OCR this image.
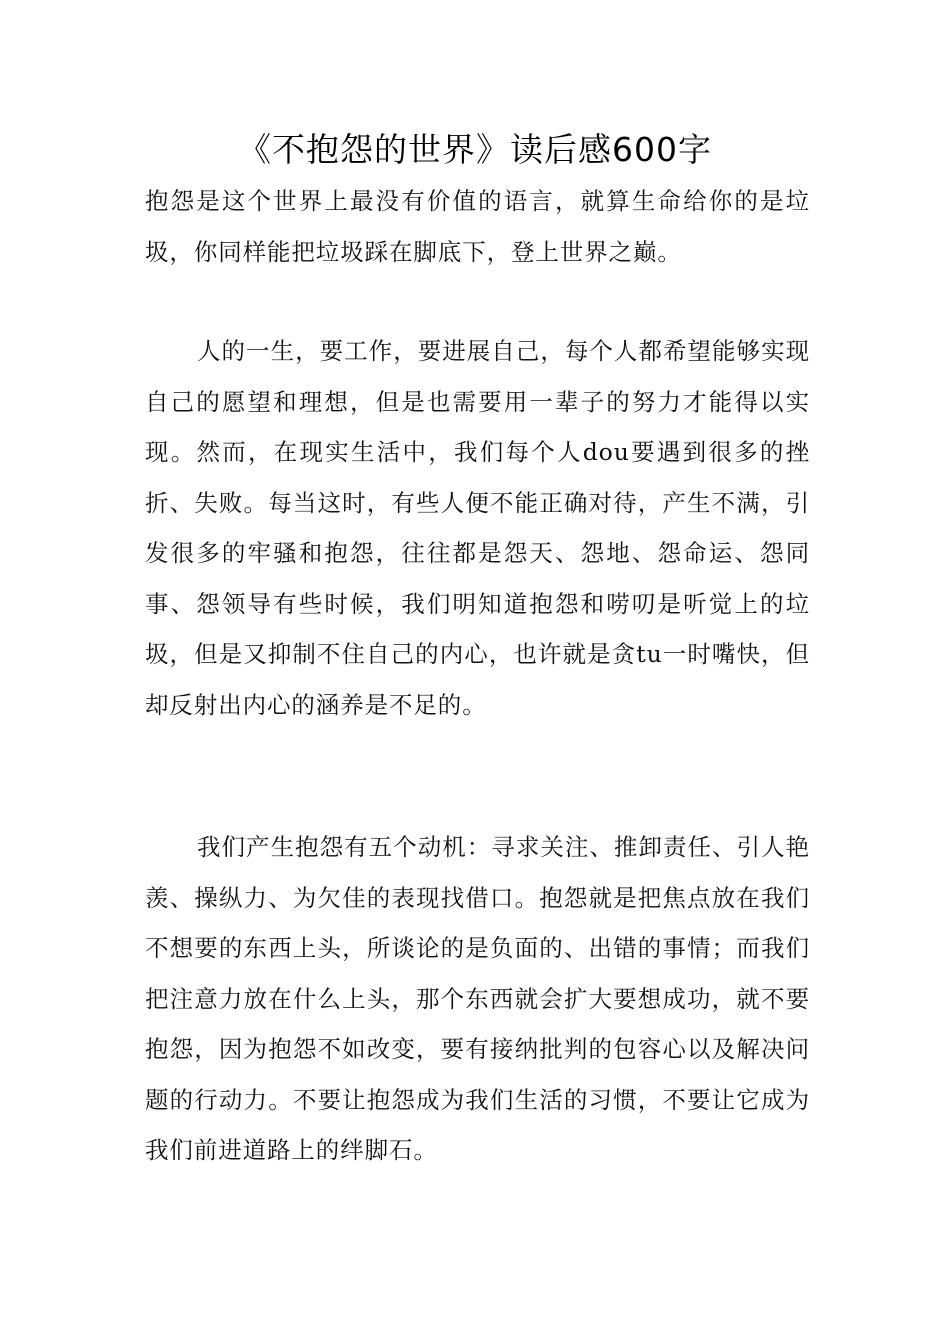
《不抱怨的世界》读后感600字

抱怨是这个世界上最没有价值的语言，就算生命给你的是垃圾，你同样能把垃圾踩在脚底下，登上世界之巅。

人的一生，要工作，要进展自己，每个人都希望能够实现自己的愿望和理想，但是也需要用一辈子的努力才能得以实现。然而，在现实生活中，我们每个人dou要遇到很多的挫折、失败。每当这时，有些人便不能正确对待，产生不满，引发很多的牢骚和抱怨，往往都是怨天、怨地、怨命运、怨同事、怨领导有些时候，我们明知道抱怨和唠叨是听觉上的垃圾，但是又抑制不住自己的内心，也许就是贪tu一时嘴快，但却反射出内心的涵养是不足的。

我们产生抱怨有五个动机：寻求关注、推卸责任、引人艳羡、操纵力、为欠佳的表现找借口。抱怨就是把焦点放在我们不想要的东西上头，所谈论的是负面的、出错的事情；而我们把注意力放在什么上头，那个东西就会扩大要想成功，就不要抱怨，因为抱怨不如改变，要有接纳批判的包容心以及解决问题的行动力。不要让抱怨成为我们生活的习惯，不要让它成为我们前进道路上的绊脚石。
